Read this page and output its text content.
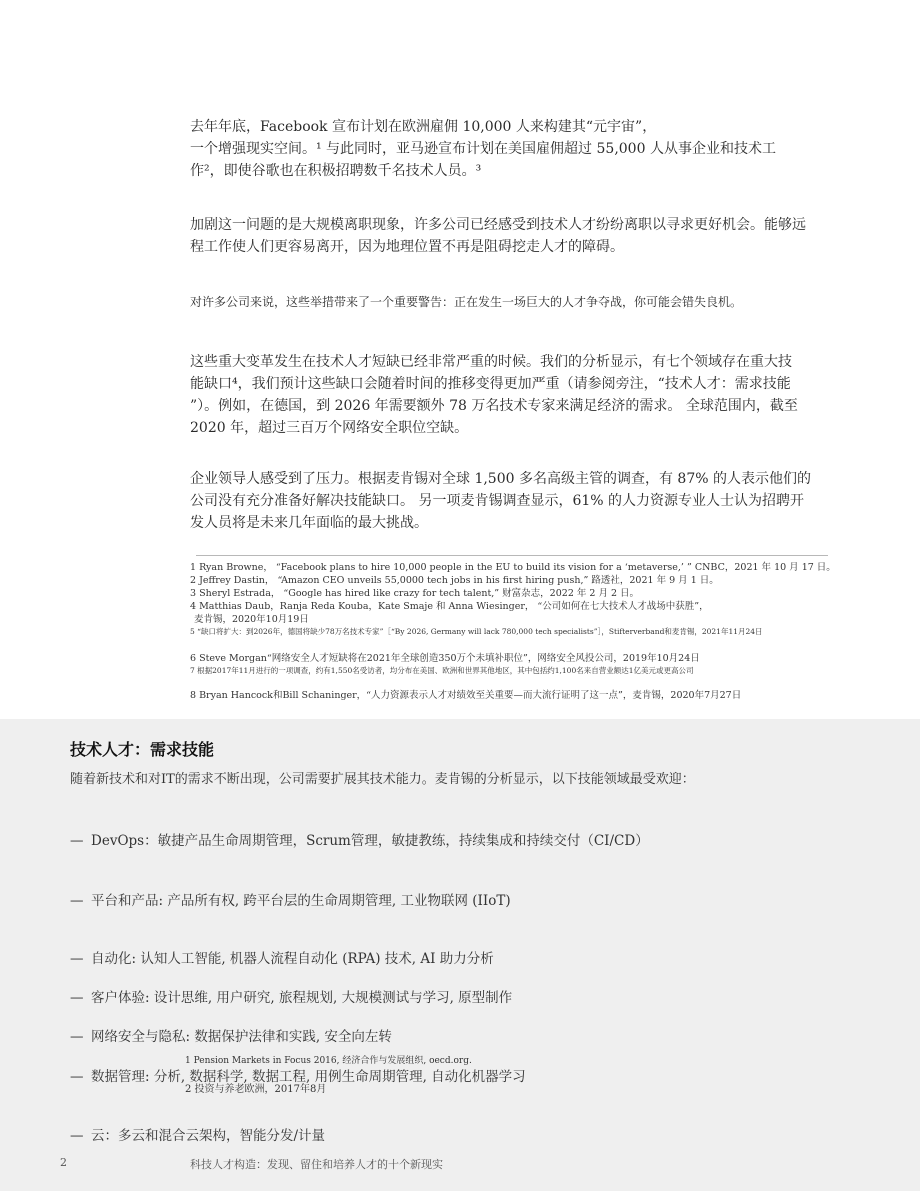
去年年底，Facebook 宣布计划在欧洲雇佣 10,000 人来构建其“元宇宙”，
一个增强现实空间。¹ 与此同时，亚马逊宣布计划在美国雇佣超过 55,000 人从事企业和技术工
作²，即使谷歌也在积极招聘数千名技术人员。³
加剧这一问题的是大规模离职现象，许多公司已经感受到技术人才纷纷离职以寻求更好机会。能够远
程工作使人们更容易离开，因为地理位置不再是阻碍挖走人才的障碍。
对许多公司来说，这些举措带来了一个重要警告：正在发生一场巨大的人才争夺战，你可能会错失良机。
这些重大变革发生在技术人才短缺已经非常严重的时候。我们的分析显示，有七个领域存在重大技
能缺口⁴，我们预计这些缺口会随着时间的推移变得更加严重（请参阅旁注，“技术人才：需求技能
”）。例如，在德国，到 2026 年需要额外 78 万名技术专家来满足经济的需求。 全球范围内，截至
2020 年，超过三百万个网络安全职位空缺。
企业领导人感受到了压力。根据麦肯锡对全球 1,500 多名高级主管的调查，有 87% 的人表示他们的
公司没有充分准备好解决技能缺口。 另一项麦肯锡调查显示，61% 的人力资源专业人士认为招聘开
发人员将是未来几年面临的最大挑战。
1 Ryan Browne， “Facebook plans to hire 10,000 people in the EU to build its vision for a ‘metaverse,’ ” CNBC，2021 年 10 月 17 日。
2 Jeffrey Dastin， “Amazon CEO unveils 55,0000 tech jobs in his first hiring push,” 路透社，2021 年 9 月 1 日。
3 Sheryl Estrada， “Google has hired like crazy for tech talent,” 财富杂志，2022 年 2 月 2 日。
4 Matthias Daub，Ranja Reda Kouba，Kate Smaje 和 Anna Wiesinger， “公司如何在七大技术人才战场中获胜”，
麦肯锡，2020年10月19日
5 “缺口将扩大：到2026年，德国将缺少78万名技术专家”［“By 2026, Germany will lack 780,000 tech specialists”］，Stifterverband和麦肯锡，2021年11月24日
6 Steve Morgan“网络安全人才短缺将在2021年全球创造350万个未填补职位”，网络安全风投公司，2019年10月24日
7 根据2017年11月进行的一项调查，约有1,550名受访者，均分布在美国、欧洲和世界其他地区，其中包括约1,100名来自营业额达1亿美元或更高公司
8 Bryan Hancock和Bill Schaninger，“人力资源表示人才对绩效至关重要—而大流行证明了这一点”，麦肯锡，2020年7月27日
技术人才：需求技能
随着新技术和对IT的需求不断出现，公司需要扩展其技术能力。麦肯锡的分析显示，以下技能领域最受欢迎：
— DevOps：敏捷产品生命周期管理，Scrum管理，敏捷教练，持续集成和持续交付（CI/CD）
— 平台和产品: 产品所有权, 跨平台层的生命周期管理, 工业物联网 (IIoT)
— 自动化: 认知人工智能, 机器人流程自动化 (RPA) 技术, AI 助力分析
— 客户体验: 设计思维, 用户研究, 旅程规划, 大规模测试与学习, 原型制作
— 网络安全与隐私: 数据保护法律和实践, 安全向左转
1 Pension Markets in Focus 2016, 经济合作与发展组织, oecd.org.
— 数据管理: 分析, 数据科学, 数据工程, 用例生命周期管理, 自动化机器学习
2 投资与养老欧洲，2017年8月
— 云：多云和混合云架构，智能分发/计量
2	科技人才构造：发现、留住和培养人才的十个新现实
